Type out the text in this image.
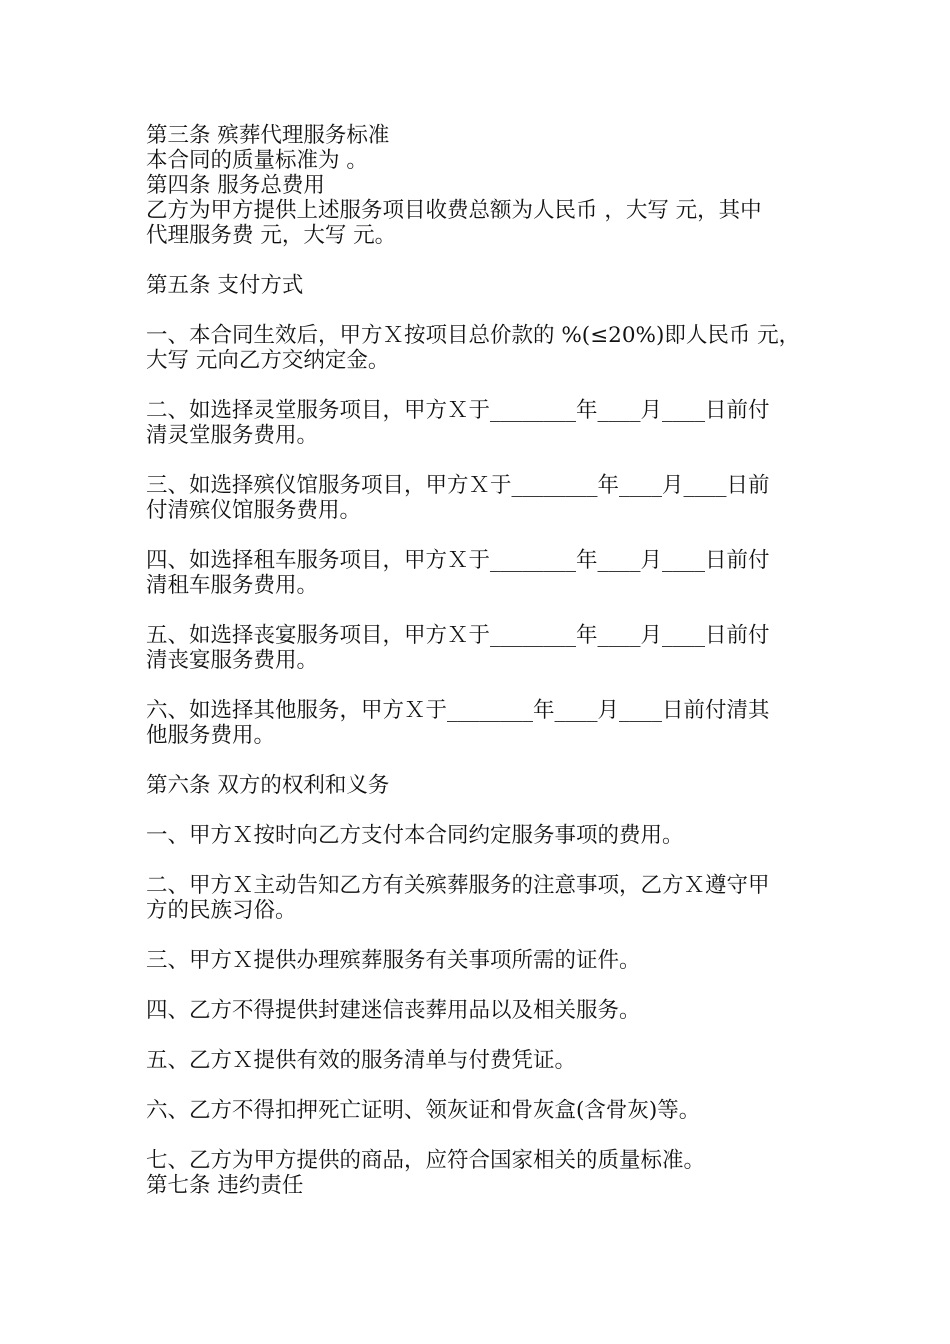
第三条 殡葬代理服务标准

本合同的质量标准为 。

第四条 服务总费用

乙方为甲方提供上述服务项目收费总额为人民币 ，大写 元，其中

代理服务费 元，大写 元。

第五条 支付方式

一、本合同生效后，甲方Ｘ按项目总价款的 %(≤20%)即人民币 元，

大写 元向乙方交纳定金。

二、如选择灵堂服务项目，甲方Ｘ于________年____月____日前付

清灵堂服务费用。

三、如选择殡仪馆服务项目，甲方Ｘ于________年____月____日前

付清殡仪馆服务费用。

四、如选择租车服务项目，甲方Ｘ于________年____月____日前付

清租车服务费用。

五、如选择丧宴服务项目，甲方Ｘ于________年____月____日前付

清丧宴服务费用。

六、如选择其他服务，甲方Ｘ于________年____月____日前付清其

他服务费用。

第六条 双方的权利和义务

一、甲方Ｘ按时向乙方支付本合同约定服务事项的费用。

二、甲方Ｘ主动告知乙方有关殡葬服务的注意事项，乙方Ｘ遵守甲

方的民族习俗。

三、甲方Ｘ提供办理殡葬服务有关事项所需的证件。

四、乙方不得提供封建迷信丧葬用品以及相关服务。

五、乙方Ｘ提供有效的服务清单与付费凭证。

六、乙方不得扣押死亡证明、领灰证和骨灰盒(含骨灰)等。

七、乙方为甲方提供的商品，应符合国家相关的质量标准。

第七条 违约责任
